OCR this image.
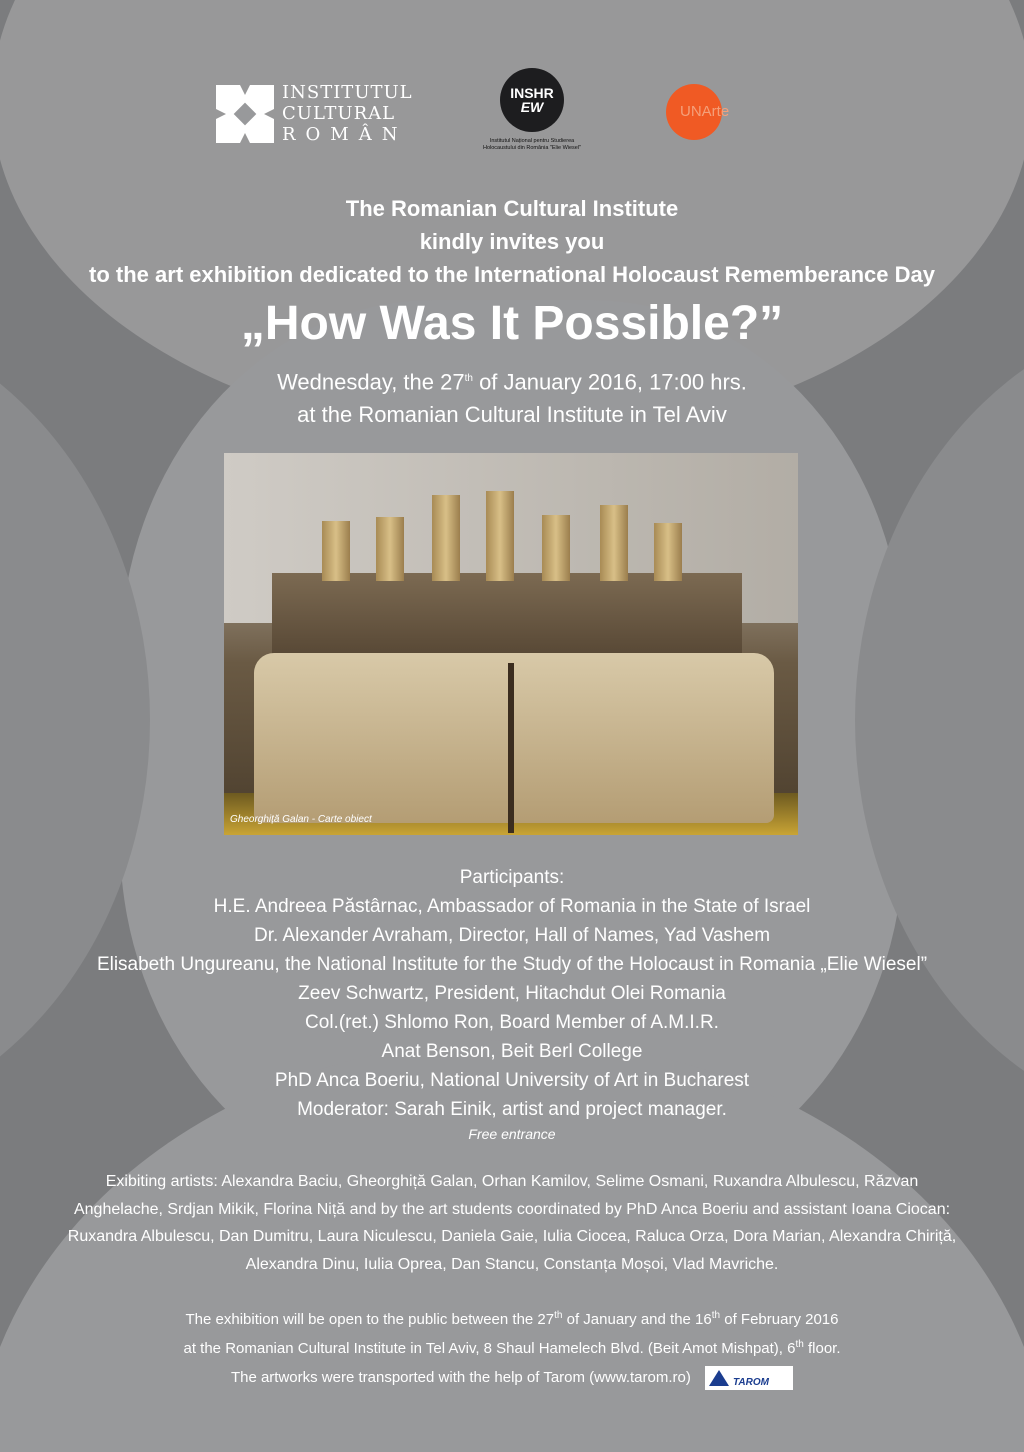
INSTITUTUL
CULTURAL
ROMÂN
INSHR
EW
Institutul Național pentru Studierea
Holocaustului din România "Elie Wiesel"
UNArte
The Romanian Cultural Institute
kindly invites you
to the art exhibition dedicated to the International Holocaust Rememberance Day
„How Was It Possible?”
Wednesday, the 27th of January 2016, 17:00 hrs.
at the Romanian Cultural Institute in Tel Aviv
Gheorghiță Galan - Carte obiect
Participants:
H.E. Andreea Păstârnac, Ambassador of Romania in the State of Israel
Dr. Alexander Avraham, Director, Hall of Names, Yad Vashem
Elisabeth Ungureanu, the National Institute for the Study of the Holocaust in Romania „Elie Wiesel”
Zeev Schwartz, President, Hitachdut Olei Romania
Col.(ret.) Shlomo Ron, Board Member of A.M.I.R.
Anat Benson, Beit Berl College
PhD Anca Boeriu, National University of Art in Bucharest
Moderator: Sarah Einik, artist and project manager.
Free entrance
Exibiting artists: Alexandra Baciu, Gheorghiță Galan, Orhan Kamilov, Selime Osmani, Ruxandra Albulescu, Răzvan Anghelache, Srdjan Mikik, Florina Niță and by the art students coordinated by PhD Anca Boeriu and assistant Ioana Ciocan: Ruxandra Albulescu, Dan Dumitru, Laura Niculescu, Daniela Gaie, Iulia Ciocea, Raluca Orza, Dora Marian, Alexandra Chiriță, Alexandra Dinu, Iulia Oprea, Dan Stancu, Constanța Moșoi, Vlad Mavriche.
The exhibition will be open to the public between the 27th of January and the 16th of February 2016
at the Romanian Cultural Institute in Tel Aviv, 8 Shaul Hamelech Blvd. (Beit Amot Mishpat), 6th floor.
The artworks were transported with the help of Tarom (www.tarom.ro)	TAROM
